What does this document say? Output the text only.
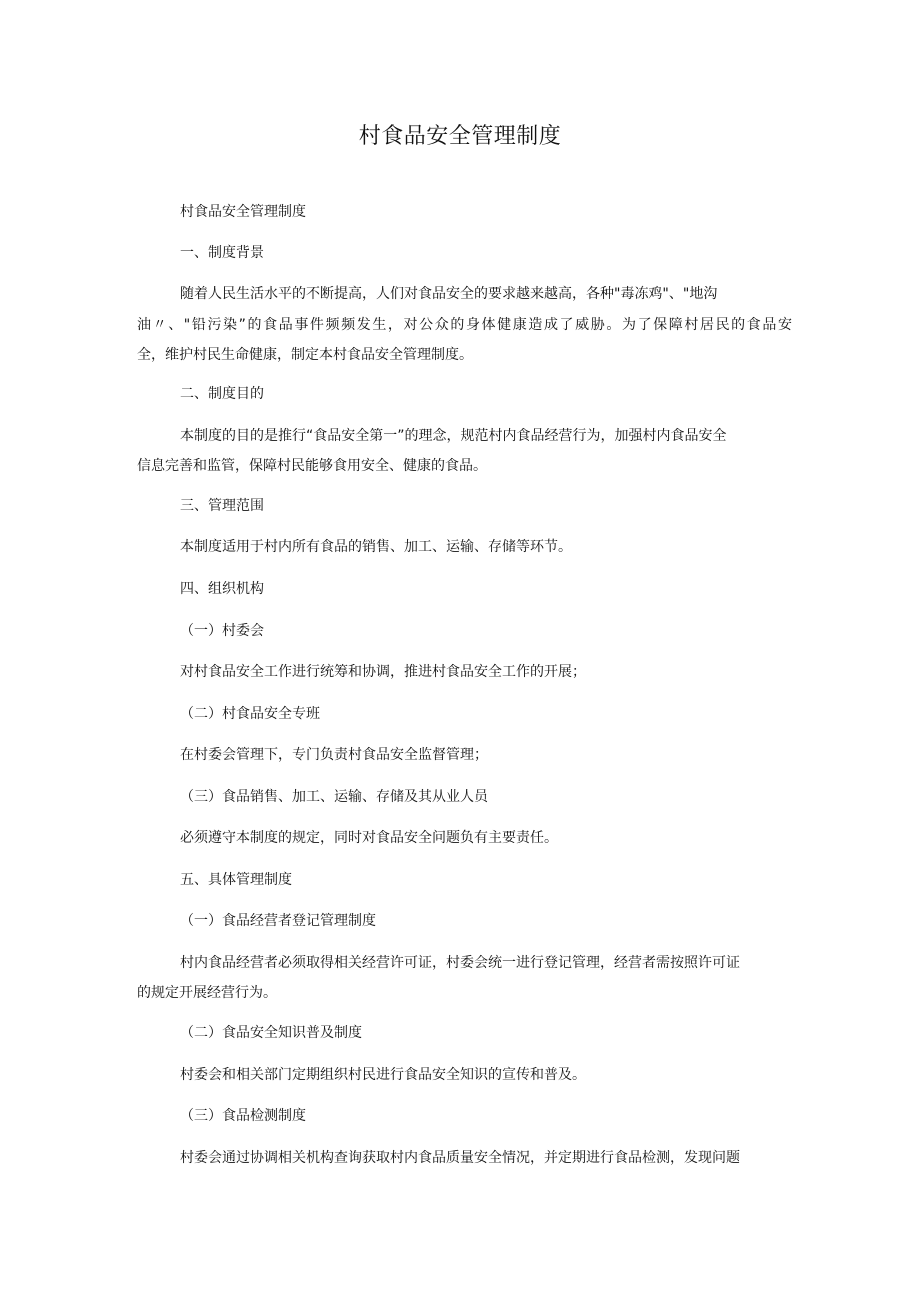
村食品安全管理制度

村食品安全管理制度

一、制度背景

随着人民生活水平的不断提高，人们对食品安全的要求越来越高，各种"毒冻鸡"、"地沟

油〃、"铅污染”的食品事件频频发生，对公众的身体健康造成了威胁。为了保障村居民的食品安

全，维护村民生命健康，制定本村食品安全管理制度。

二、制度目的

本制度的目的是推行“食品安全第一”的理念，规范村内食品经营行为，加强村内食品安全

信息完善和监管，保障村民能够食用安全、健康的食品。

三、管理范围

本制度适用于村内所有食品的销售、加工、运输、存储等环节。

四、组织机构

（一）村委会

对村食品安全工作进行统筹和协调，推进村食品安全工作的开展；

（二）村食品安全专班

在村委会管理下，专门负责村食品安全监督管理；

（三）食品销售、加工、运输、存储及其从业人员

必须遵守本制度的规定，同时对食品安全问题负有主要责任。

五、具体管理制度

（一）食品经营者登记管理制度

村内食品经营者必须取得相关经营许可证，村委会统一进行登记管理，经营者需按照许可证

的规定开展经营行为。

（二）食品安全知识普及制度

村委会和相关部门定期组织村民进行食品安全知识的宣传和普及。

（三）食品检测制度

村委会通过协调相关机构查询获取村内食品质量安全情况，并定期进行食品检测，发现问题
